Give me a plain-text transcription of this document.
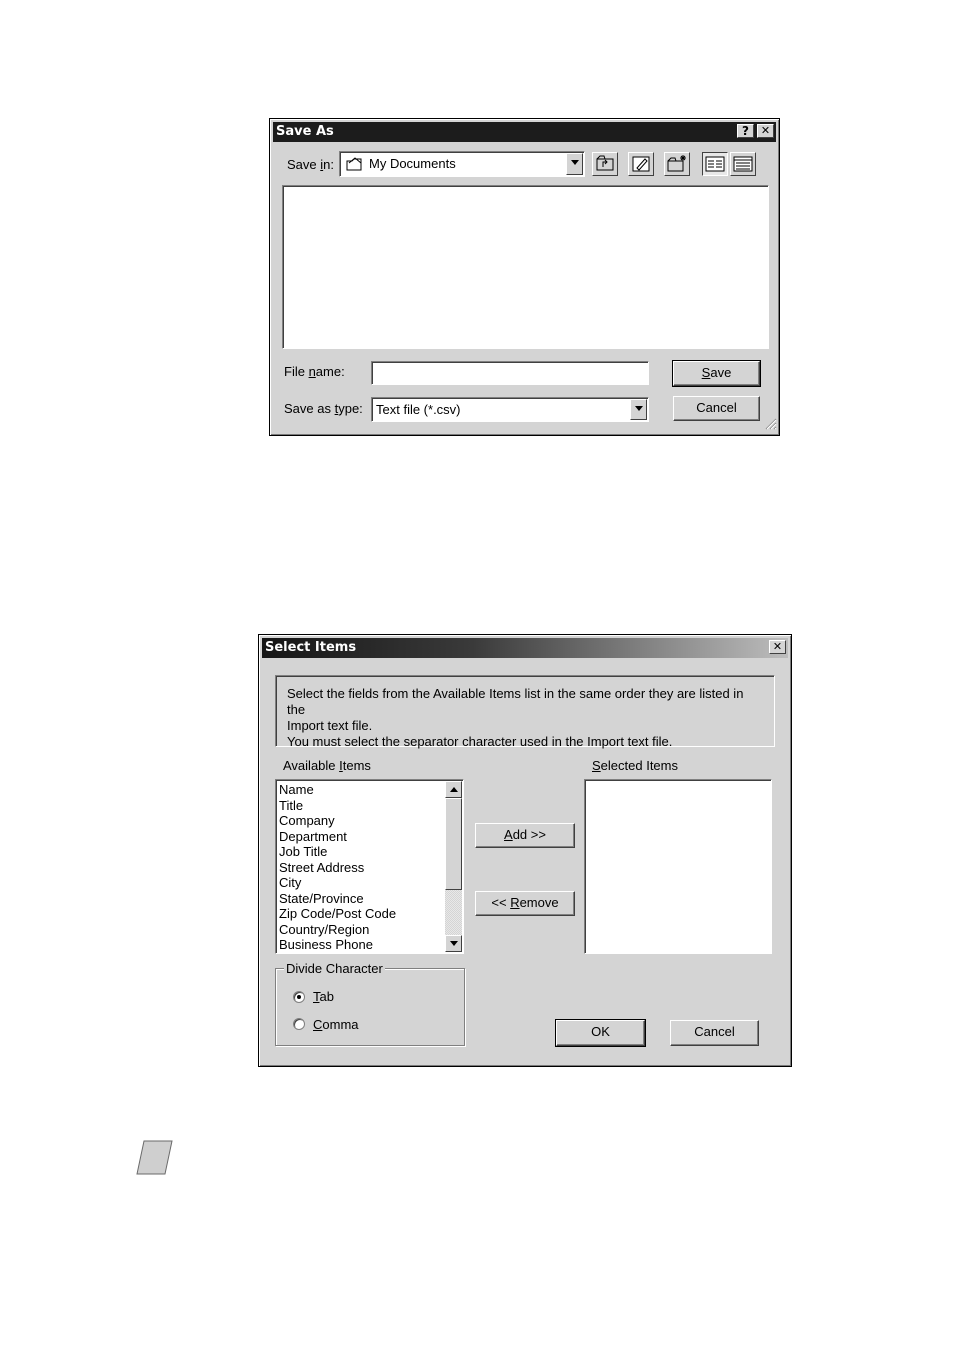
Save As	?	✕
Save in:	My Documents
File name:
Save as type: Text file (*.csv)
Save
Cancel
Select Items	✕
Select the fields from the Available Items list in the same order they are listed in the
Import text file.
You must select the separator character used in the Import text file.
Available Items	Selected Items
Name
Title
Company
Department
Job Title
Street Address
City
State/Province
Zip Code/Post Code
Country/Region
Business Phone
Add >>
<< Remove
Divide Character
Tab
Comma	OK	Cancel
